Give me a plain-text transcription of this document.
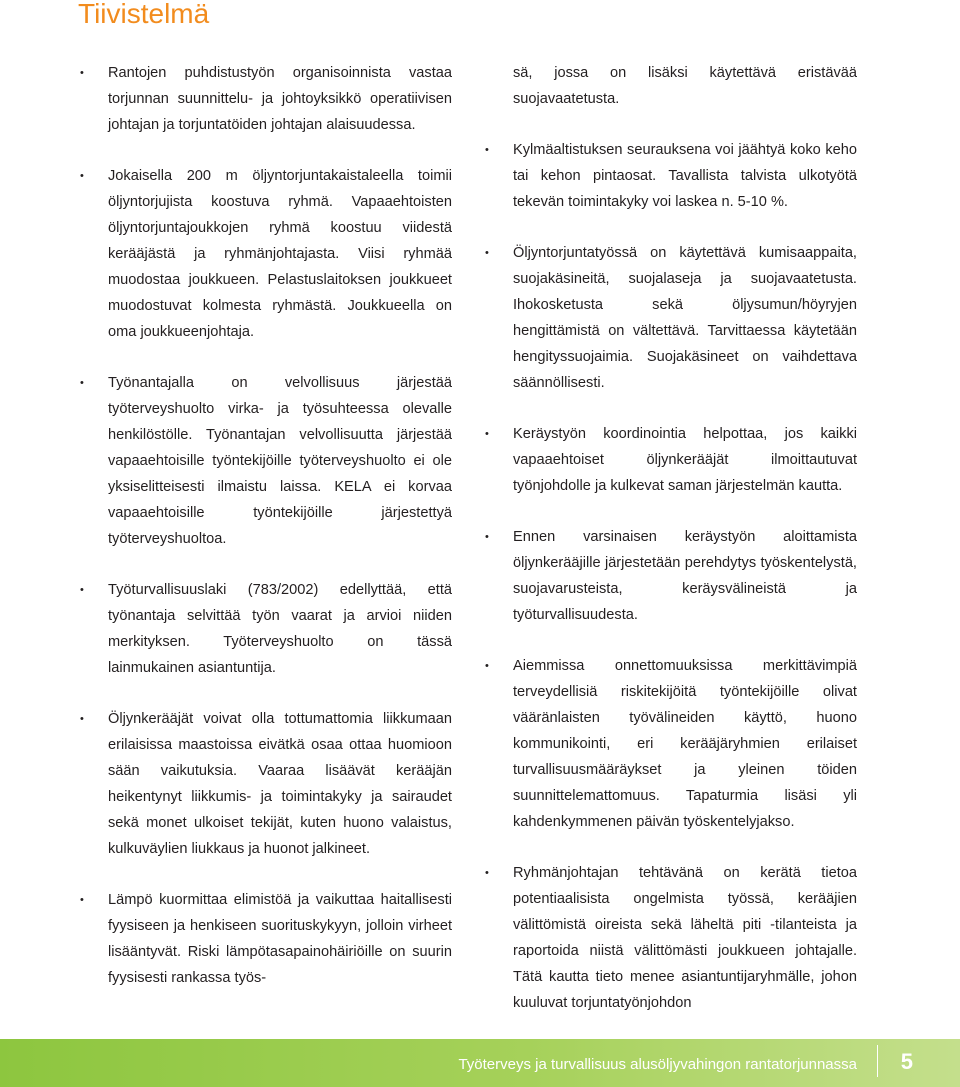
Tiivistelmä
• Rantojen puhdistustyön organisoinnista vastaa torjunnan suunnittelu- ja johtoyksikkö operatiivisen johtajan ja torjuntatöiden johtajan alaisuudessa.
• Jokaisella 200 m öljyntorjuntakaistaleella toimii öljyntorjujista koostuva ryhmä. Vapaaehtoisten öljyntorjuntajoukkojen ryhmä koostuu viidestä kerääjästä ja ryhmänjohtajasta. Viisi ryhmää muodostaa joukkueen. Pelastuslaitoksen joukkueet muodostuvat kolmesta ryhmästä. Joukkueella on oma joukkueenjohtaja.
• Työnantajalla on velvollisuus järjestää työterveyshuolto virka- ja työsuhteessa olevalle henkilöstölle. Työnantajan velvollisuutta järjestää vapaaehtoisille työntekijöille työterveyshuolto ei ole yksiselitteisesti ilmaistu laissa. KELA ei korvaa vapaaehtoisille työntekijöille järjestettyä työterveyshuoltoa.
• Työturvallisuuslaki (783/2002) edellyttää, että työnantaja selvittää työn vaarat ja arvioi niiden merkityksen. Työterveyshuolto on tässä lainmukainen asiantuntija.
• Öljynkerääjät voivat olla tottumattomia liikkumaan erilaisissa maastoissa eivätkä osaa ottaa huomioon sään vaikutuksia. Vaaraa lisäävät kerääjän heikentynyt liikkumis- ja toimintakyky ja sairaudet sekä monet ulkoiset tekijät, kuten huono valaistus, kulkuväylien liukkaus ja huonot jalkineet.
• Lämpö kuormittaa elimistöä ja vaikuttaa haitallisesti fyysiseen ja henkiseen suorituskykyyn, jolloin virheet lisääntyvät. Riski lämpötasapainohäiriöille on suurin fyysisesti rankassa työs-
sä, jossa on lisäksi käytettävä eristävää suojavaatetusta.
• Kylmäaltistuksen seurauksena voi jäähtyä koko keho tai kehon pintaosat. Tavallista talvista ulkotyötä tekevän toimintakyky voi laskea n. 5-10 %.
• Öljyntorjuntatyössä on käytettävä kumisaappaita, suojakäsineitä, suojalaseja ja suojavaatetusta. Ihokosketusta sekä öljysumun/höyryjen hengittämistä on vältettävä. Tarvittaessa käytetään hengityssuojaimia. Suojakäsineet on vaihdettava säännöllisesti.
• Keräystyön koordinointia helpottaa, jos kaikki vapaaehtoiset öljynkerääjät ilmoittautuvat työnjohdolle ja kulkevat saman järjestelmän kautta.
• Ennen varsinaisen keräystyön aloittamista öljynkerääjille järjestetään perehdytys työskentelystä, suojavarusteista, keräysvälineistä ja työturvallisuudesta.
• Aiemmissa onnettomuuksissa merkittävimpiä terveydellisiä riskitekijöitä työntekijöille olivat vääränlaisten työvälineiden käyttö, huono kommunikointi, eri kerääjäryhmien erilaiset turvallisuusmääräykset ja yleinen töiden suunnittelemattomuus. Tapaturmia lisäsi yli kahdenkymmenen päivän työskentelyjakso.
• Ryhmänjohtajan tehtävänä on kerätä tietoa potentiaalisista ongelmista työssä, kerääjien välittömistä oireista sekä läheltä piti -tilanteista ja raportoida niistä välittömästi joukkueen johtajalle. Tätä kautta tieto menee asiantuntijaryhmälle, johon kuuluvat torjuntatyönjohdon
Työterveys ja turvallisuus alusöljyvahingon rantatorjunnassa 5
